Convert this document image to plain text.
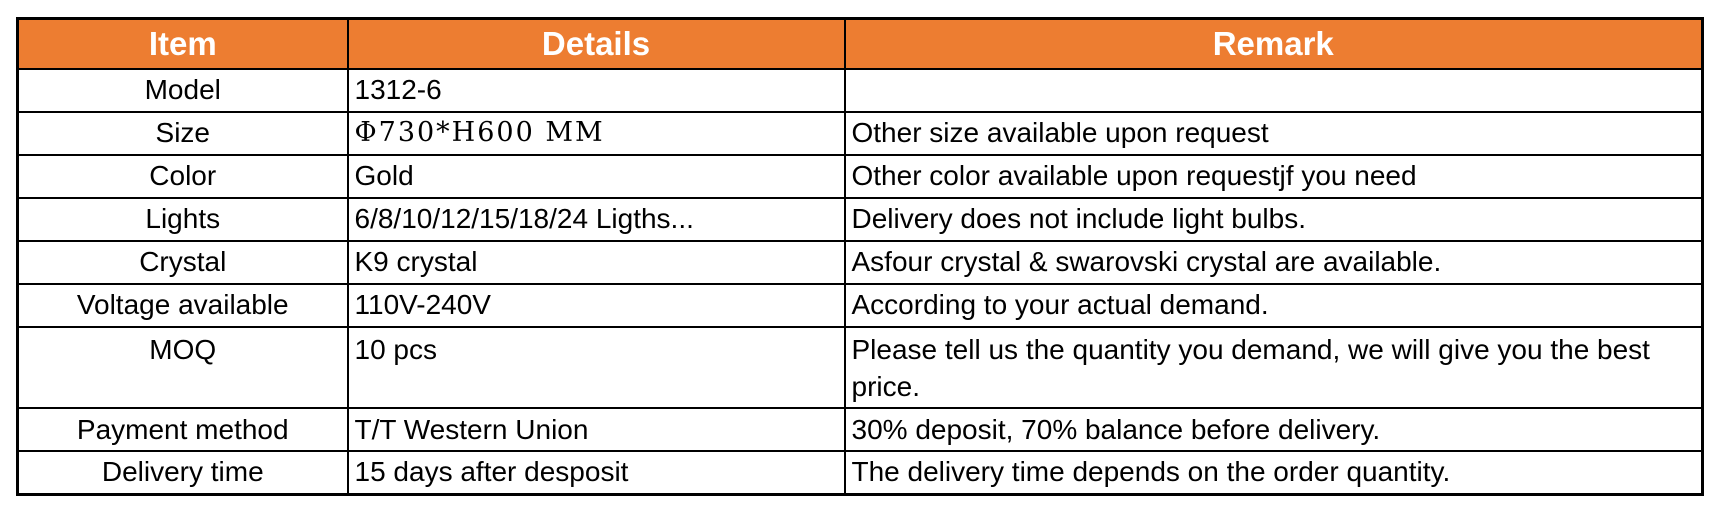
Item	Details	Remark
Model	1312-6	
Size	Φ730*H600 MM	Other size available upon request
Color	Gold	Other color available upon requestjf you need
Lights	6/8/10/12/15/18/24 Ligths...	Delivery does not include light bulbs.
Crystal	K9 crystal	Asfour crystal & swarovski crystal are available.
Voltage available	110V-240V	According to your actual demand.
MOQ	10 pcs	Please tell us the quantity you demand, we will give you the best price.
Payment method	T/T Western Union	30% deposit, 70% balance before delivery.
Delivery time	15 days after desposit	The delivery time depends on the order quantity.
